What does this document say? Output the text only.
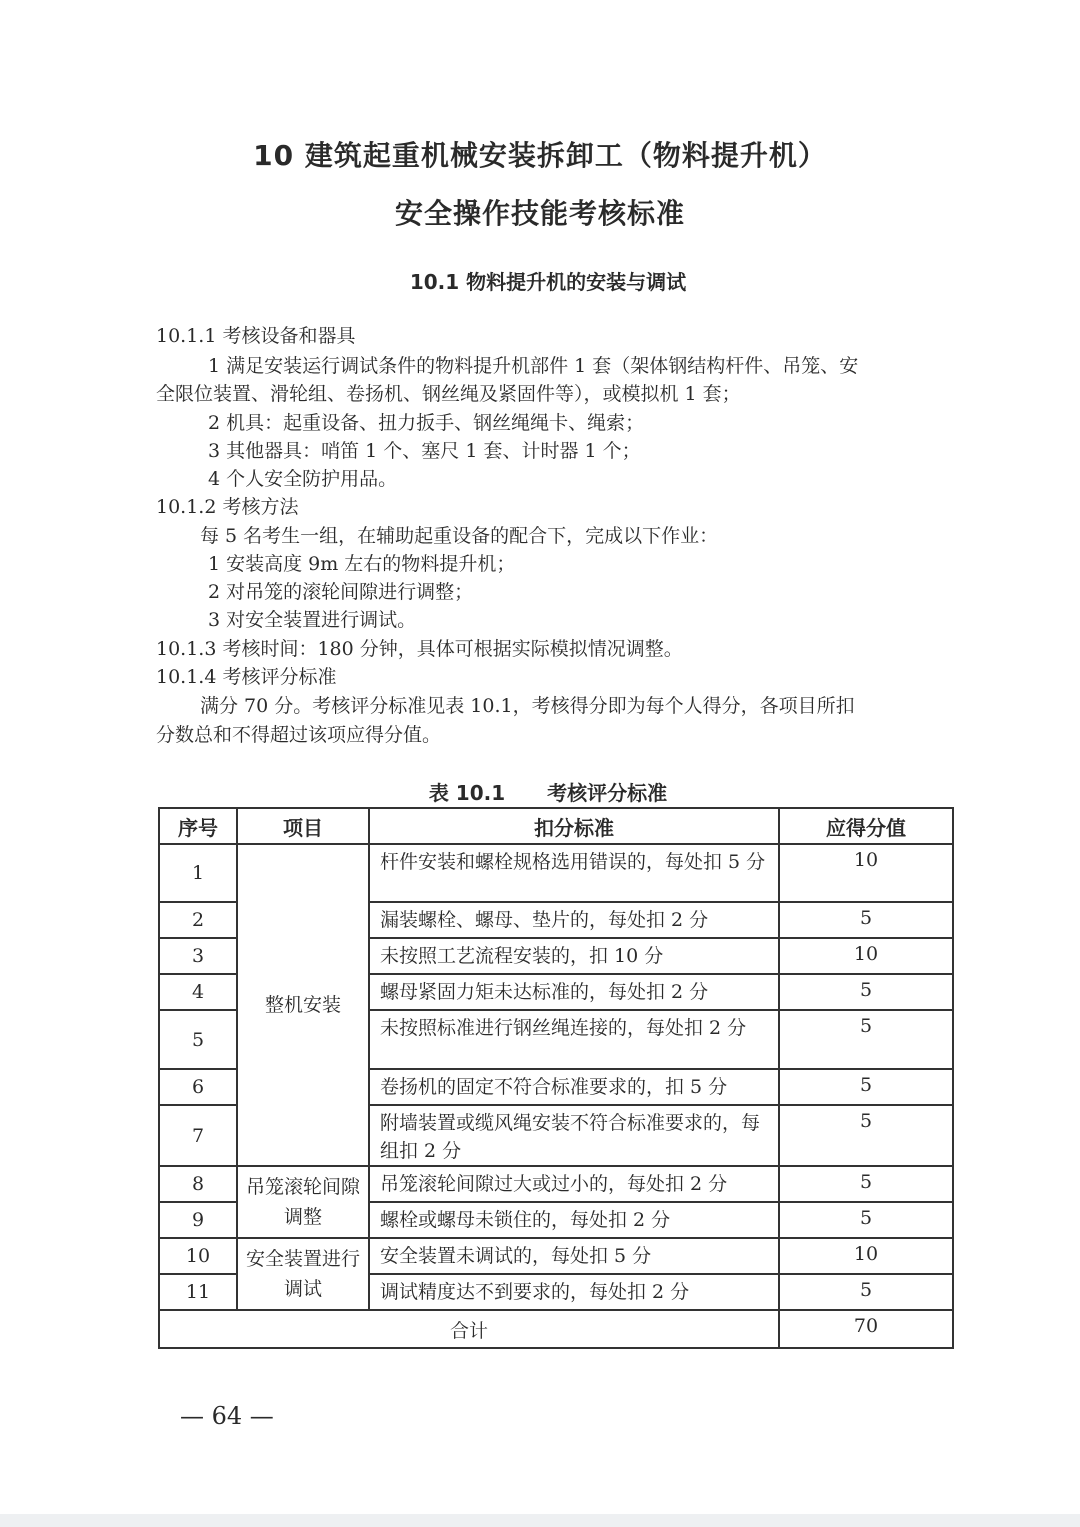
10 建筑起重机械安装拆卸工（物料提升机）
安全操作技能考核标准
10.1 物料提升机的安装与调试
10.1.1 考核设备和器具
1 满足安装运行调试条件的物料提升机部件 1 套（架体钢结构杆件、吊笼、安
全限位装置、滑轮组、卷扬机、钢丝绳及紧固件等），或模拟机 1 套；
2 机具：起重设备、扭力扳手、钢丝绳绳卡、绳索；
3 其他器具：哨笛 1 个、塞尺 1 套、计时器 1 个；
4 个人安全防护用品。
10.1.2 考核方法
每 5 名考生一组，在辅助起重设备的配合下，完成以下作业：
1 安装高度 9m 左右的物料提升机；
2 对吊笼的滚轮间隙进行调整；
3 对安全装置进行调试。
10.1.3 考核时间：180 分钟，具体可根据实际模拟情况调整。
10.1.4 考核评分标准
满分 70 分。考核评分标准见表 10.1，考核得分即为每个人得分，各项目所扣
分数总和不得超过该项应得分值。
表 10.1 考核评分标准
序号	项目	扣分标准	应得分值
1	整机安装	杆件安装和螺栓规格选用错误的，每处扣 5 分	10
2		漏装螺栓、螺母、垫片的，每处扣 2 分	5
3		未按照工艺流程安装的，扣 10 分	10
4		螺母紧固力矩未达标准的，每处扣 2 分	5
5		未按照标准进行钢丝绳连接的，每处扣 2 分	5
6		卷扬机的固定不符合标准要求的，扣 5 分	5
7		附墙装置或缆风绳安装不符合标准要求的，每组扣 2 分	5
8	吊笼滚轮间隙调整	吊笼滚轮间隙过大或过小的，每处扣 2 分	5
9		螺栓或螺母未锁住的，每处扣 2 分	5
10	安全装置进行调试	安全装置未调试的，每处扣 5 分	10
11		调试精度达不到要求的，每处扣 2 分	5
合计			70
— 64 —
